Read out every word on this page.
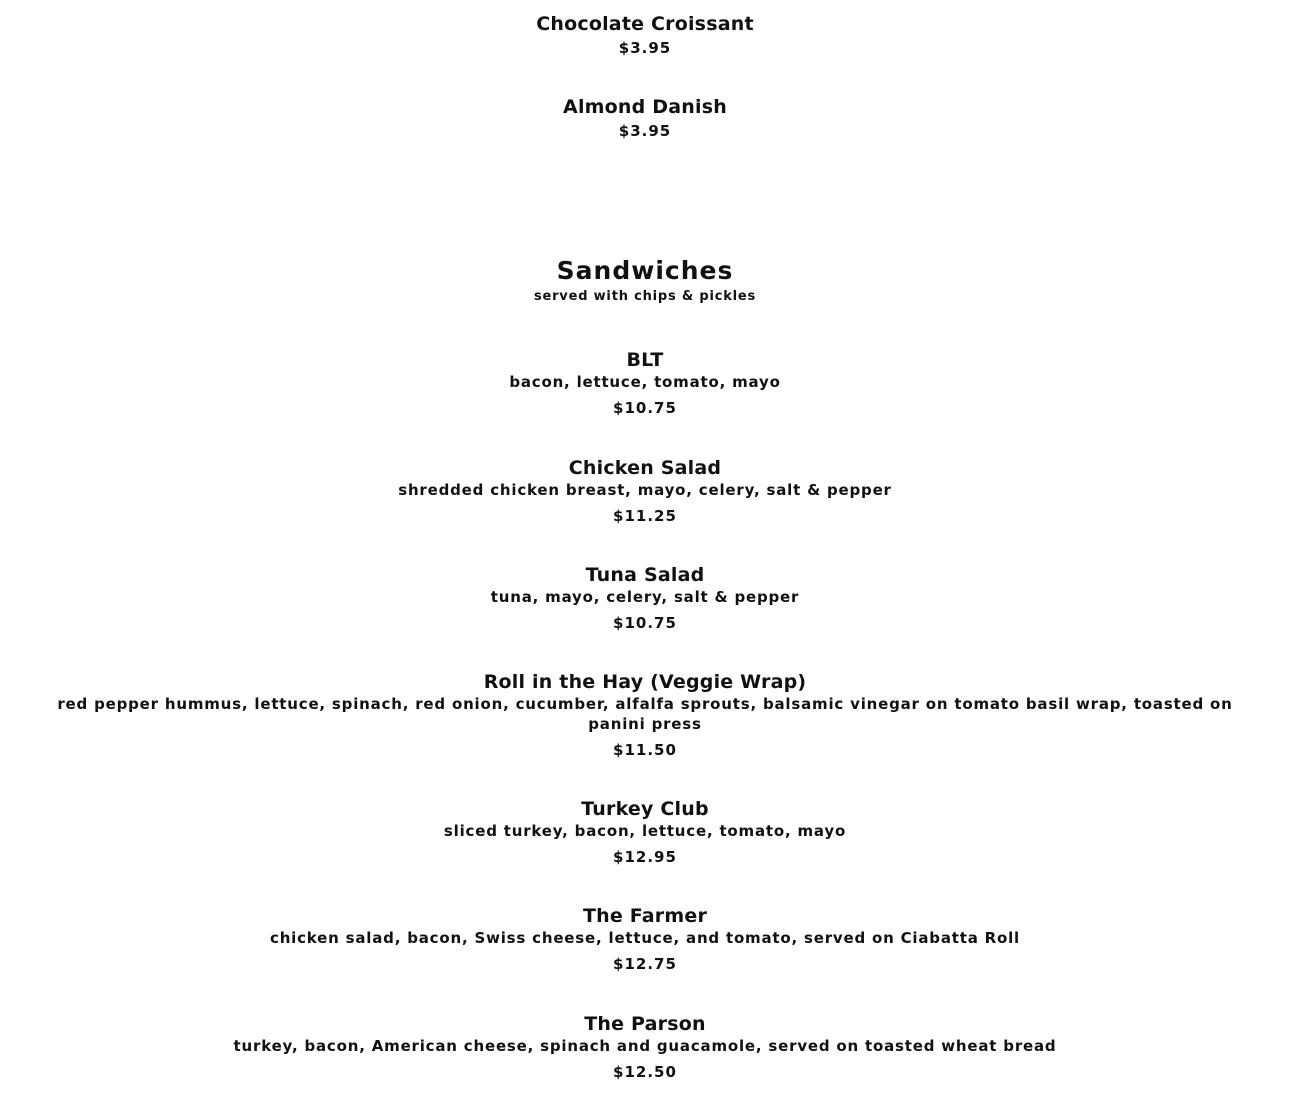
Chocolate Croissant
$3.95
Almond Danish
$3.95
Sandwiches
served with chips & pickles
BLT
bacon, lettuce, tomato, mayo
$10.75
Chicken Salad
shredded chicken breast, mayo, celery, salt & pepper
$11.25
Tuna Salad
tuna, mayo, celery, salt & pepper
$10.75
Roll in the Hay (Veggie Wrap)
red pepper hummus, lettuce, spinach, red onion, cucumber, alfalfa sprouts, balsamic vinegar on tomato basil wrap, toasted on panini press
$11.50
Turkey Club
sliced turkey, bacon, lettuce, tomato, mayo
$12.95
The Farmer
chicken salad, bacon, Swiss cheese, lettuce, and tomato, served on Ciabatta Roll
$12.75
The Parson
turkey, bacon, American cheese, spinach and guacamole, served on toasted wheat bread
$12.50
